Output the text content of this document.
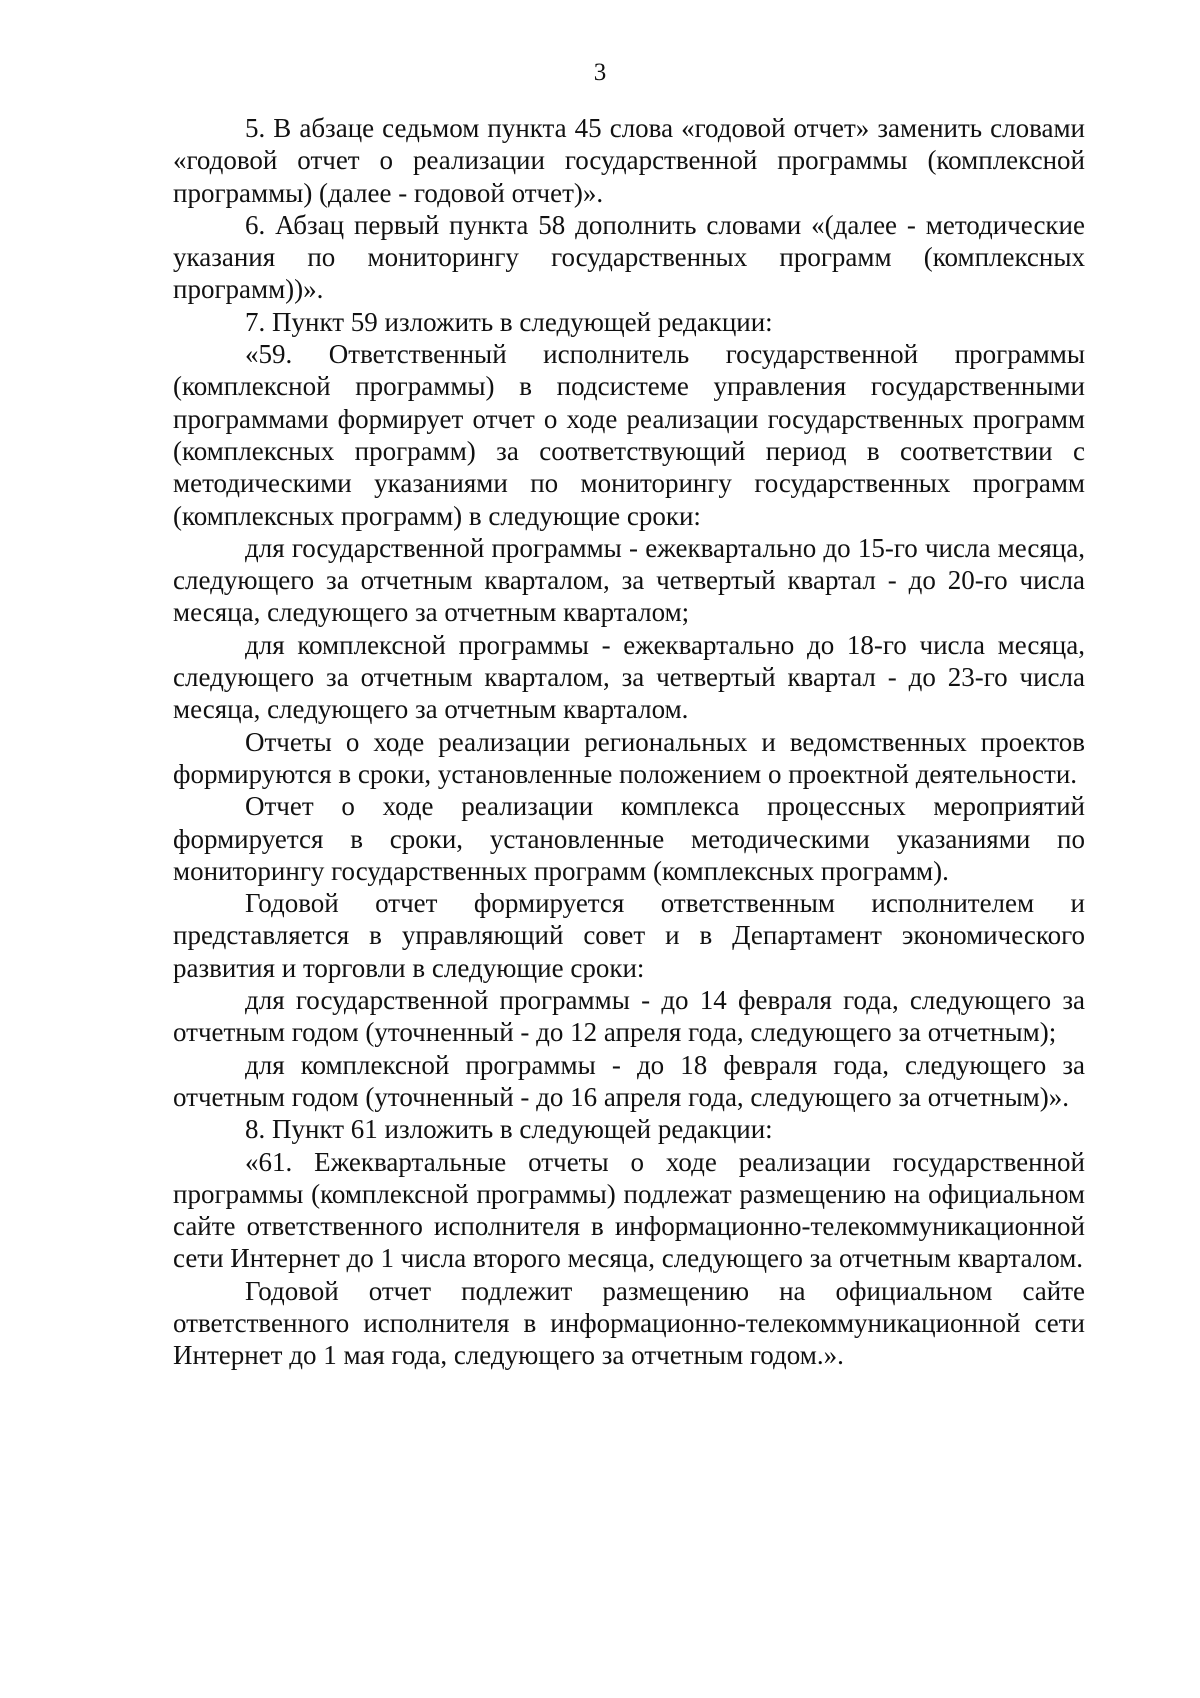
3

5. В абзаце седьмом пункта 45 слова «годовой отчет» заменить словами «годовой отчет о реализации государственной программы (комплексной программы) (далее - годовой отчет)».

6. Абзац первый пункта 58 дополнить словами «(далее - методические указания по мониторингу государственных программ (комплексных программ))».

7. Пункт 59 изложить в следующей редакции:

«59. Ответственный исполнитель государственной программы (комплексной программы) в подсистеме управления государственными программами формирует отчет о ходе реализации государственных программ (комплексных программ) за соответствующий период в соответствии с методическими указаниями по мониторингу государственных программ (комплексных программ) в следующие сроки:

для государственной программы - ежеквартально до 15-го числа месяца, следующего за отчетным кварталом, за четвертый квартал - до 20-го числа месяца, следующего за отчетным кварталом;

для комплексной программы - ежеквартально до 18-го числа месяца, следующего за отчетным кварталом, за четвертый квартал - до 23-го числа месяца, следующего за отчетным кварталом.

Отчеты о ходе реализации региональных и ведомственных проектов формируются в сроки, установленные положением о проектной деятельности.

Отчет о ходе реализации комплекса процессных мероприятий формируется в сроки, установленные методическими указаниями по мониторингу государственных программ (комплексных программ).

Годовой отчет формируется ответственным исполнителем и представляется в управляющий совет и в Департамент экономического развития и торговли в следующие сроки:

для государственной программы - до 14 февраля года, следующего за отчетным годом (уточненный - до 12 апреля года, следующего за отчетным);

для комплексной программы - до 18 февраля года, следующего за отчетным годом (уточненный - до 16 апреля года, следующего за отчетным)».

8. Пункт 61 изложить в следующей редакции:

«61. Ежеквартальные отчеты о ходе реализации государственной программы (комплексной программы) подлежат размещению на официальном сайте ответственного исполнителя в информационно-телекоммуникационной сети Интернет до 1 числа второго месяца, следующего за отчетным кварталом.

Годовой отчет подлежит размещению на официальном сайте ответственного исполнителя в информационно-телекоммуникационной сети Интернет до 1 мая года, следующего за отчетным годом.».
